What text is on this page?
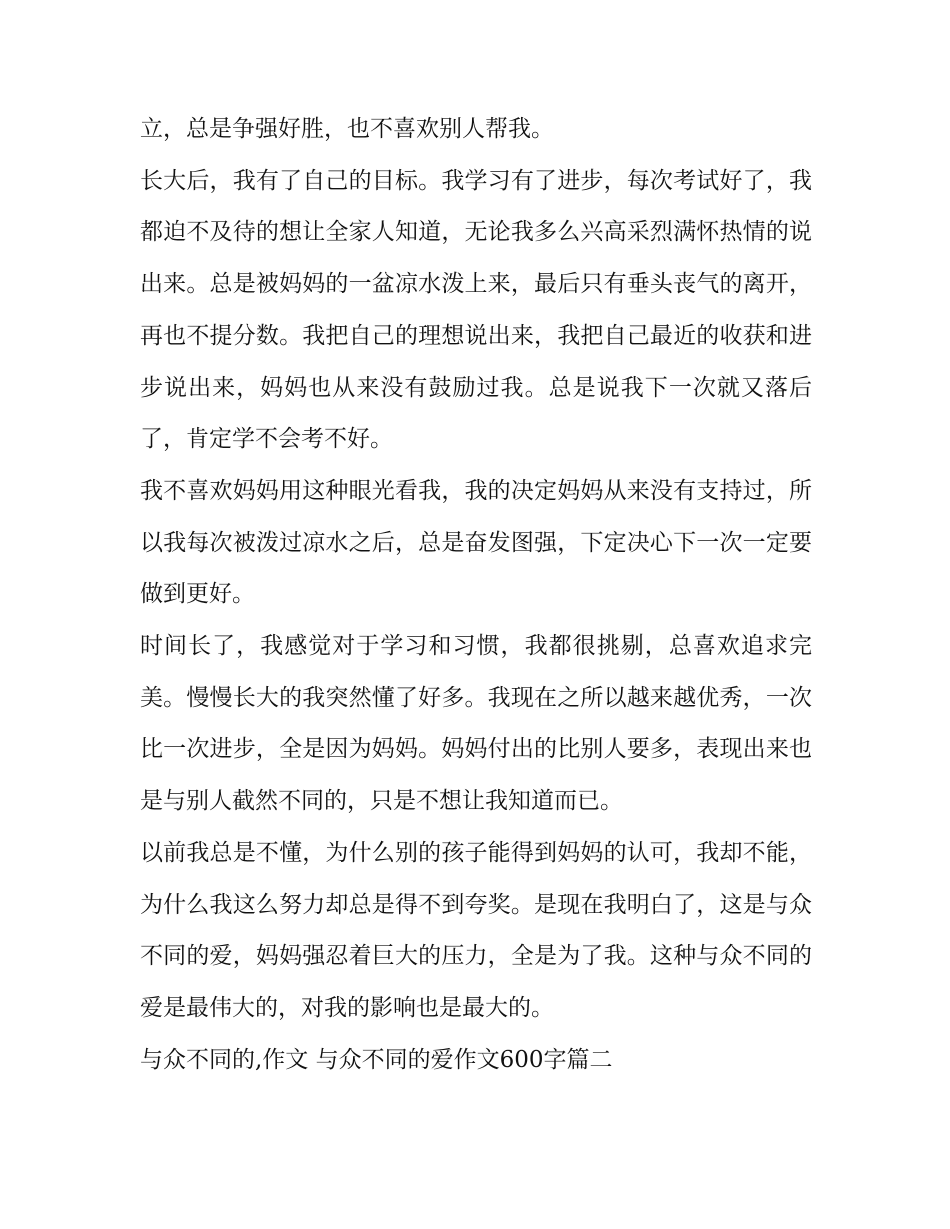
立，总是争强好胜，也不喜欢别人帮我。

长大后，我有了自己的目标。我学习有了进步，每次考试好了，我都迫不及待的想让全家人知道，无论我多么兴高采烈满怀热情的说出来。总是被妈妈的一盆凉水泼上来，最后只有垂头丧气的离开，再也不提分数。我把自己的理想说出来，我把自己最近的收获和进步说出来，妈妈也从来没有鼓励过我。总是说我下一次就又落后了，肯定学不会考不好。

我不喜欢妈妈用这种眼光看我，我的决定妈妈从来没有支持过，所以我每次被泼过凉水之后，总是奋发图强，下定决心下一次一定要做到更好。

时间长了，我感觉对于学习和习惯，我都很挑剔，总喜欢追求完美。慢慢长大的我突然懂了好多。我现在之所以越来越优秀，一次比一次进步，全是因为妈妈。妈妈付出的比别人要多，表现出来也是与别人截然不同的，只是不想让我知道而已。

以前我总是不懂，为什么别的孩子能得到妈妈的认可，我却不能，为什么我这么努力却总是得不到夸奖。是现在我明白了，这是与众不同的爱，妈妈强忍着巨大的压力，全是为了我。这种与众不同的爱是最伟大的，对我的影响也是最大的。

与众不同的,作文 与众不同的爱作文600字篇二
